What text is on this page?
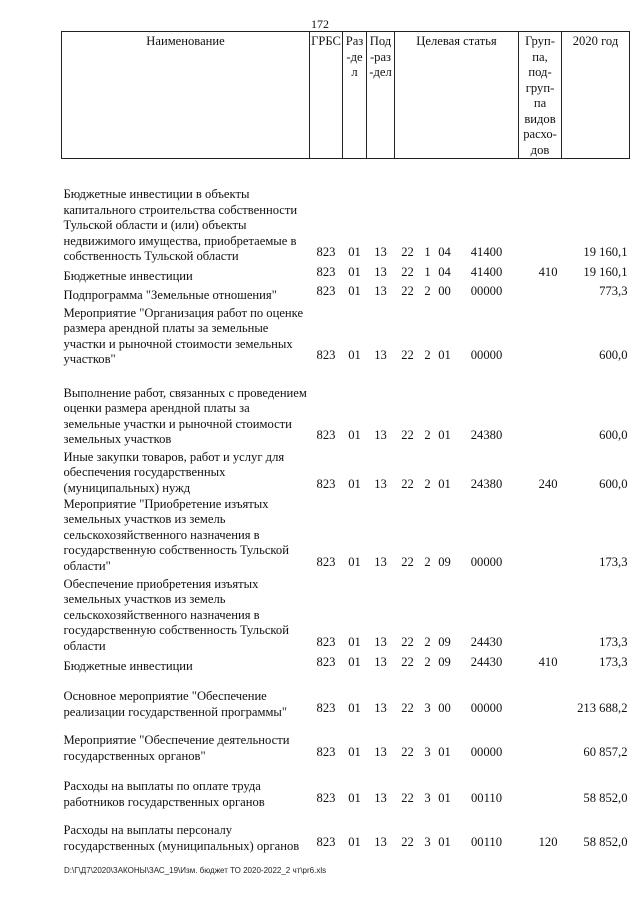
172
Наименование	ГРБС	Раз-дел	Под-раз-дел	Целевая статья				Груп-па, под-груп-па видов расхо-дов	2020 год
Бюджетные инвестиции в объекты капитального строительства собственности Тульской области и (или) объекты недвижимого имущества, приобретаемые в собственность Тульской области	823	01	13	22	1	04	41400		19 160,1
Бюджетные инвестиции	823	01	13	22	1	04	41400	410	19 160,1
Подпрограмма "Земельные отношения"	823	01	13	22	2	00	00000		773,3
Мероприятие "Организация работ по оценке размера арендной платы за земельные участки и рыночной стоимости земельных участков"	823	01	13	22	2	01	00000		600,0
Выполнение работ, связанных с проведением оценки размера арендной платы за земельные участки и рыночной стоимости земельных участков	823	01	13	22	2	01	24380		600,0
Иные закупки товаров, работ и услуг для обеспечения государственных (муниципальных) нужд	823	01	13	22	2	01	24380	240	600,0
Мероприятие "Приобретение изъятых земельных участков из земель сельскохозяйственного назначения в государственную собственность Тульской области"	823	01	13	22	2	09	00000		173,3
Обеспечение приобретения изъятых земельных участков из земель сельскохозяйственного назначения в государственную собственность Тульской области	823	01	13	22	2	09	24430		173,3
Бюджетные инвестиции	823	01	13	22	2	09	24430	410	173,3
Основное мероприятие "Обеспечение реализации государственной программы"	823	01	13	22	3	00	00000		213 688,2
Мероприятие "Обеспечение деятельности государственных органов"	823	01	13	22	3	01	00000		60 857,2
Расходы на выплаты по оплате труда работников государственных органов	823	01	13	22	3	01	00110		58 852,0
Расходы на выплаты персоналу государственных (муниципальных) органов	823	01	13	22	3	01	00110	120	58 852,0
D:\Г\Д7\2020\ЗАКОНЫ\ЗАС_19\Изм. бюджет ТО 2020-2022_2 чт\pr6.xls
